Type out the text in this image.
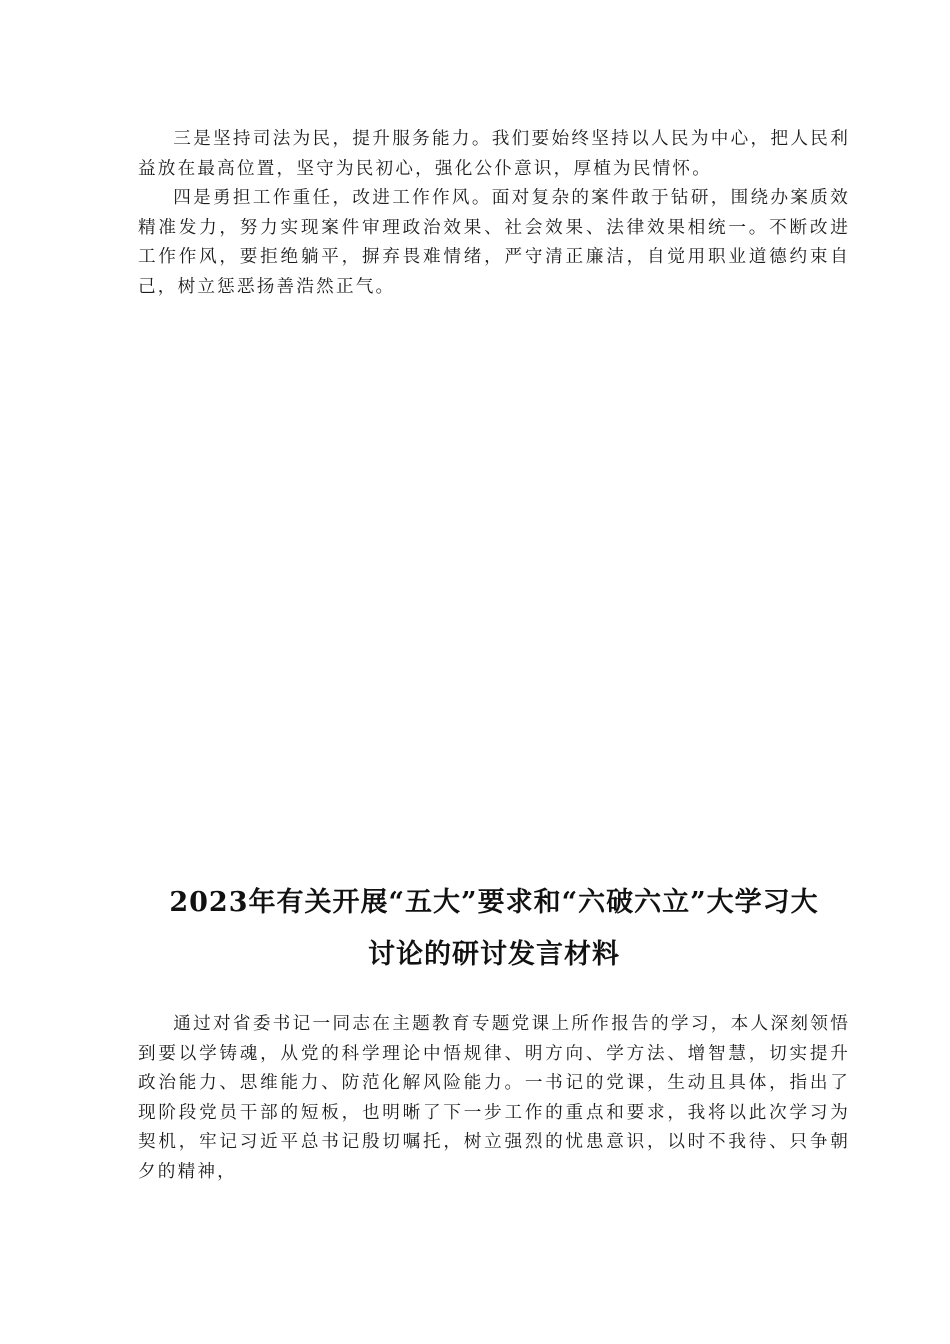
三是坚持司法为民，提升服务能力。我们要始终坚持以人民为中心，把人民利益放在最高位置，坚守为民初心，强化公仆意识，厚植为民情怀。

四是勇担工作重任，改进工作作风。面对复杂的案件敢于钻研，围绕办案质效精准发力，努力实现案件审理政治效果、社会效果、法律效果相统一。不断改进工作作风，要拒绝躺平，摒弃畏难情绪，严守清正廉洁，自觉用职业道德约束自己，树立惩恶扬善浩然正气。

2023年有关开展“五大”要求和“六破六立”大学习大
讨论的研讨发言材料

通过对省委书记一同志在主题教育专题党课上所作报告的学习，本人深刻领悟到要以学铸魂，从党的科学理论中悟规律、明方向、学方法、增智慧，切实提升政治能力、思维能力、防范化解风险能力。一书记的党课，生动且具体，指出了现阶段党员干部的短板，也明晰了下一步工作的重点和要求，我将以此次学习为契机，牢记习近平总书记殷切嘱托，树立强烈的忧患意识，以时不我待、只争朝夕的精神，
